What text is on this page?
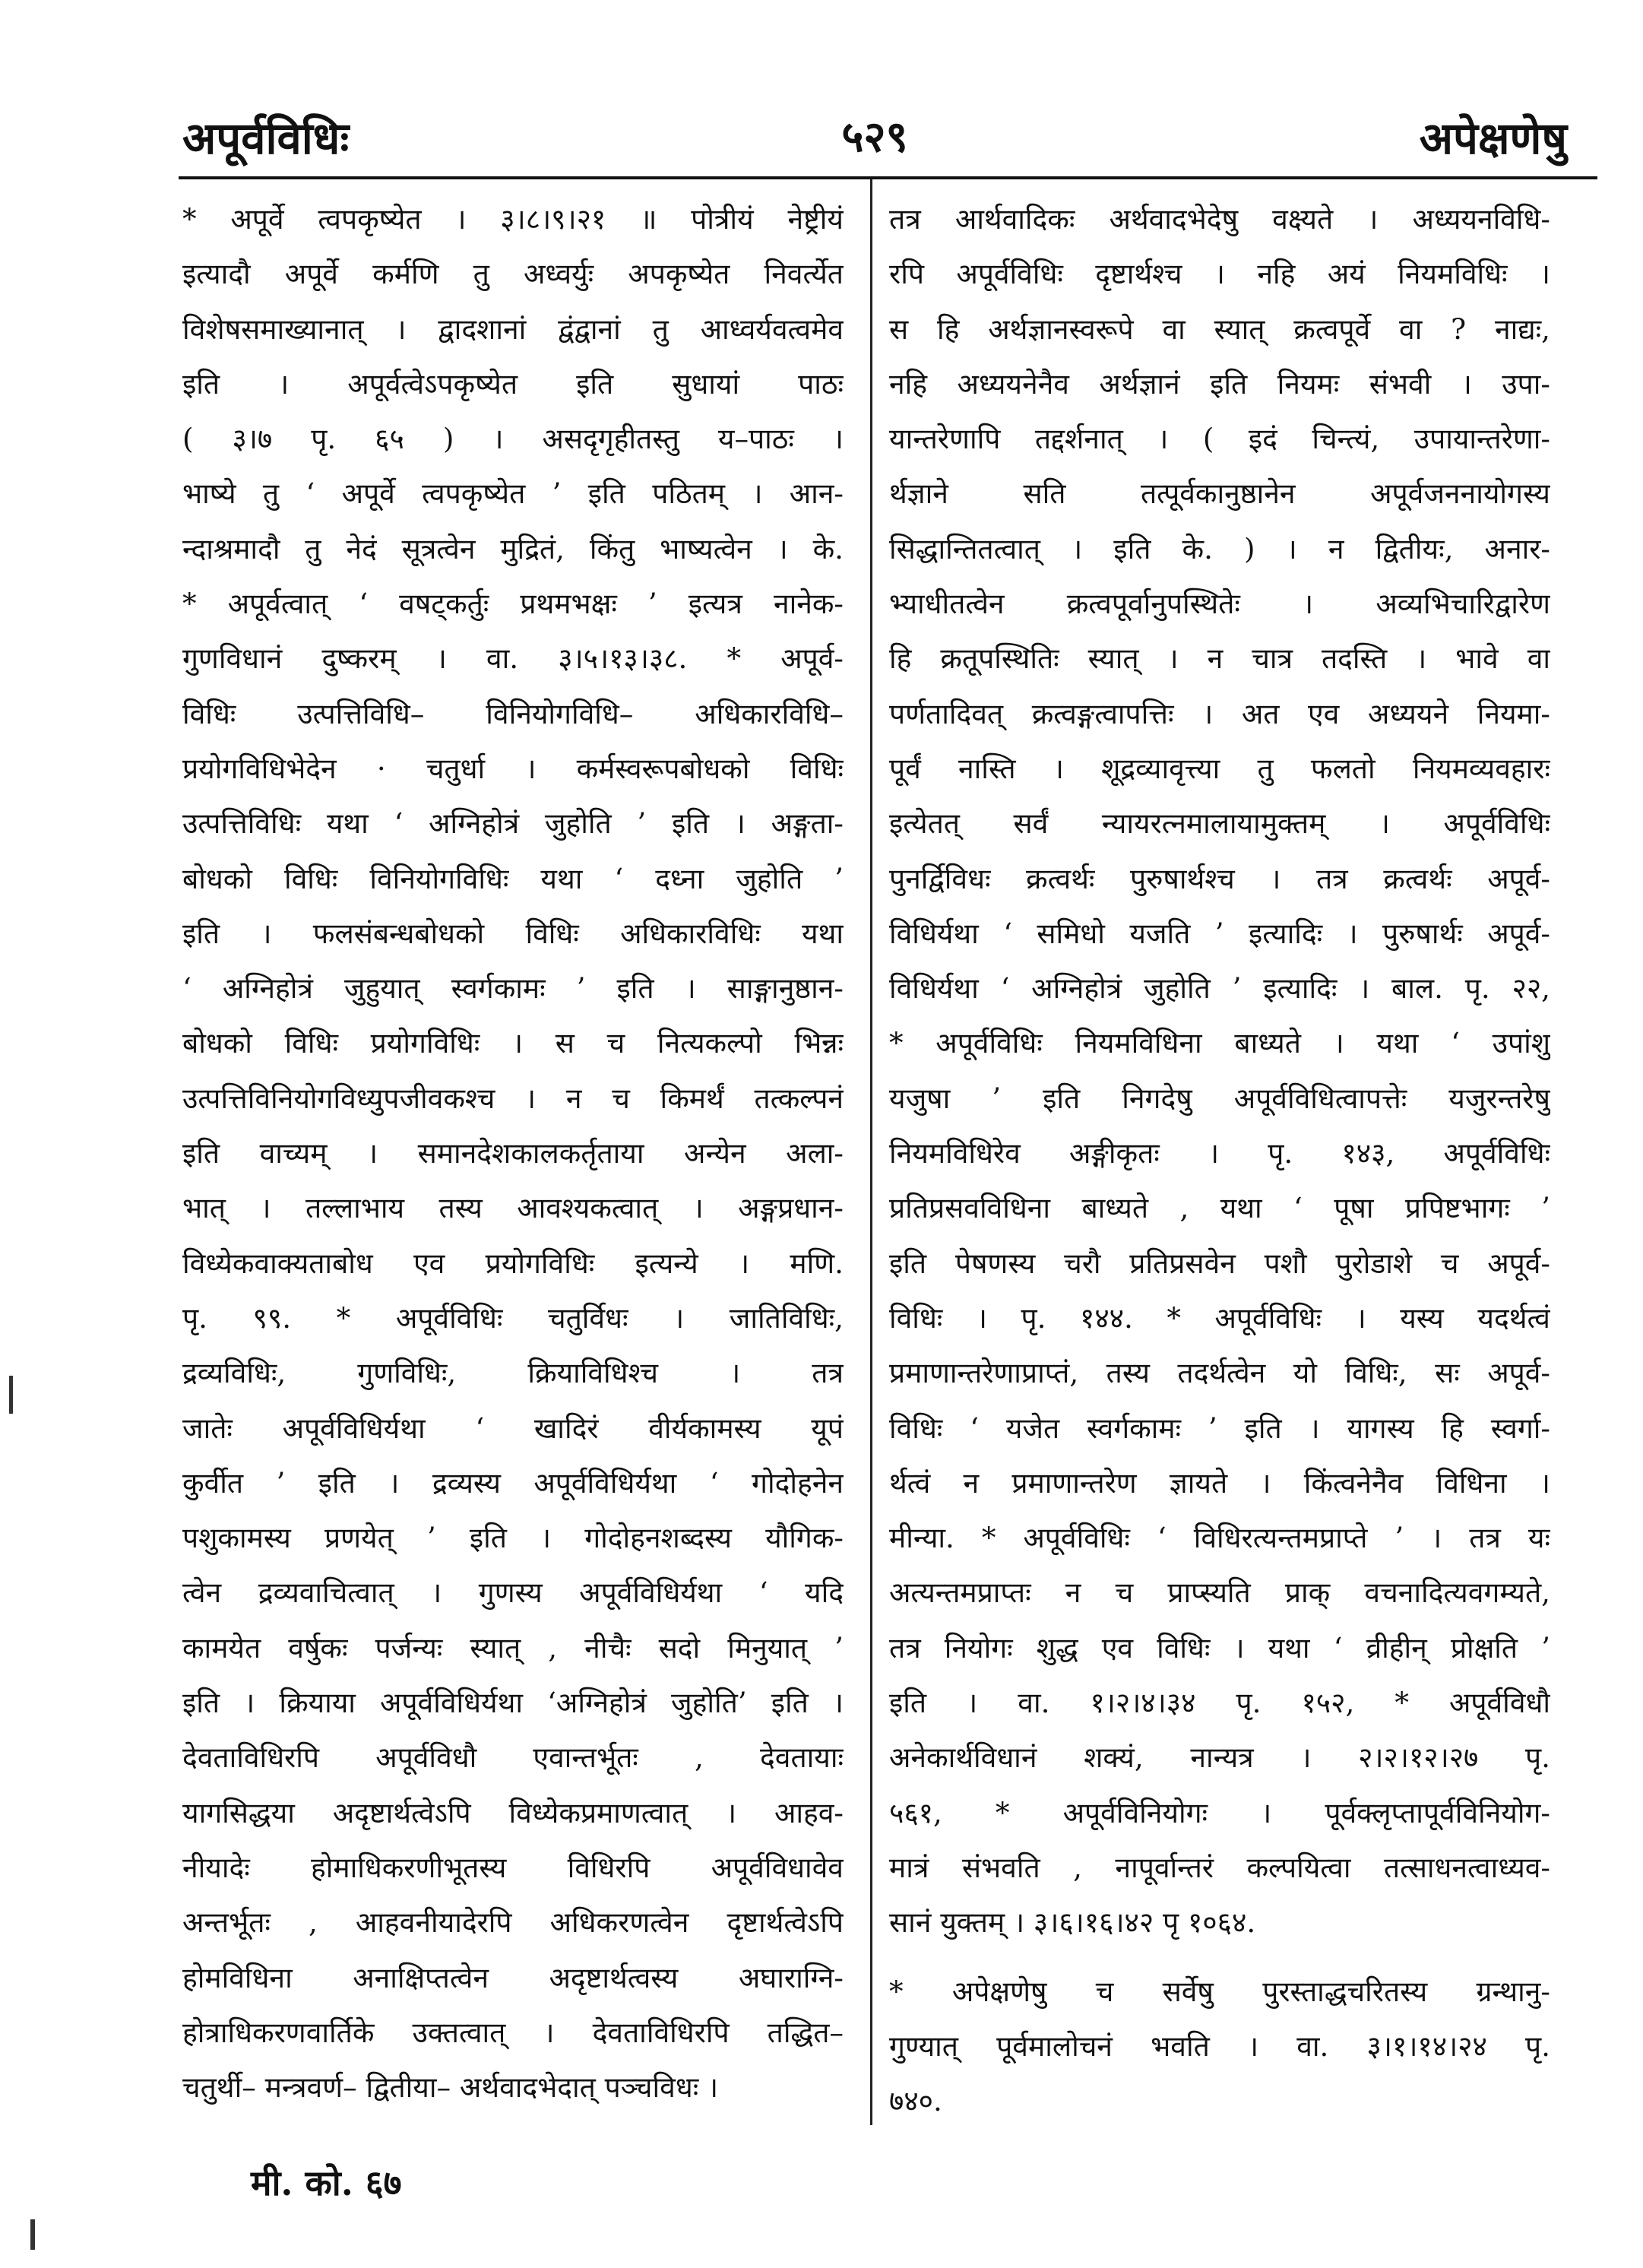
अपूर्वविधिः	५२९	अपेक्षणेषु
* अपूर्वे त्वपकृष्येत । ३।८।९।२१ ॥ पोत्रीयं नेष्ट्रीयं
इत्यादौ अपूर्वे कर्मणि तु अध्वर्युः अपकृष्येत निवर्त्येत
विशेषसमाख्यानात् । द्वादशानां द्वंद्वानां तु आध्वर्यवत्वमेव
इति । अपूर्वत्वेऽपकृष्येत इति सुधायां पाठः
( ३।७ पृ. ६५ ) । असदृगृहीतस्तु य–पाठः ।
भाष्ये तु ‘ अपूर्वे त्वपकृष्येत ’ इति पठितम् । आन-
न्दाश्रमादौ तु नेदं सूत्रत्वेन मुद्रितं, किंतु भाष्यत्वेन । के.
* अपूर्वत्वात् ‘ वषट्कर्तुः प्रथमभक्षः ’ इत्यत्र नानेक-
गुणविधानं दुष्करम् । वा. ३।५।१३।३८. * अपूर्व-
विधिः उत्पत्तिविधि– विनियोगविधि– अधिकारविधि–
प्रयोगविधिभेदेन · चतुर्धा । कर्मस्वरूपबोधको विधिः
उत्पत्तिविधिः यथा ‘ अग्निहोत्रं जुहोति ’ इति । अङ्गता-
बोधको विधिः विनियोगविधिः यथा ‘ दध्ना जुहोति ’
इति । फलसंबन्धबोधको विधिः अधिकारविधिः यथा
‘ अग्निहोत्रं जुहुयात् स्वर्गकामः ’ इति । साङ्गानुष्ठान-
बोधको विधिः प्रयोगविधिः । स च नित्यकल्पो भिन्नः
उत्पत्तिविनियोगविध्युपजीवकश्च । न च किमर्थं तत्कल्पनं
इति वाच्यम् । समानदेशकालकर्तृताया अन्येन अला-
भात् । तल्लाभाय तस्य आवश्यकत्वात् । अङ्गप्रधान-
विध्येकवाक्यताबोध एव प्रयोगविधिः इत्यन्ये । मणि.
पृ. ९९. * अपूर्वविधिः चतुर्विधः । जातिविधिः,
द्रव्यविधिः, गुणविधिः, क्रियाविधिश्च । तत्र
जातेः अपूर्वविधिर्यथा ‘ खादिरं वीर्यकामस्य यूपं
कुर्वीत ’ इति । द्रव्यस्य अपूर्वविधिर्यथा ‘ गोदोहनेन
पशुकामस्य प्रणयेत् ’ इति । गोदोहनशब्दस्य यौगिक-
त्वेन द्रव्यवाचित्वात् । गुणस्य अपूर्वविधिर्यथा ‘ यदि
कामयेत वर्षुकः पर्जन्यः स्यात् , नीचैः सदो मिनुयात् ’
इति । क्रियाया अपूर्वविधिर्यथा ‘अग्निहोत्रं जुहोति’ इति ।
देवताविधिरपि अपूर्वविधौ एवान्तर्भूतः , देवतायाः
यागसिद्धया अदृष्टार्थत्वेऽपि विध्येकप्रमाणत्वात् । आहव-
नीयादेः होमाधिकरणीभूतस्य विधिरपि अपूर्वविधावेव
अन्तर्भूतः , आहवनीयादेरपि अधिकरणत्वेन दृष्टार्थत्वेऽपि
होमविधिना अनाक्षिप्तत्वेन अदृष्टार्थत्वस्य अघाराग्नि-
होत्राधिकरणवार्तिके उक्तत्वात् । देवताविधिरपि तद्धित–
चतुर्थी– मन्त्रवर्ण– द्वितीया– अर्थवादभेदात् पञ्चविधः ।
तत्र आर्थवादिकः अर्थवादभेदेषु वक्ष्यते । अध्ययनविधि-
रपि अपूर्वविधिः दृष्टार्थश्च । नहि अयं नियमविधिः ।
स हि अर्थज्ञानस्वरूपे वा स्यात् क्रत्वपूर्वे वा ? नाद्यः,
नहि अध्ययनेनैव अर्थज्ञानं इति नियमः संभवी । उपा-
यान्तरेणापि तद्दर्शनात् । ( इदं चिन्त्यं, उपायान्तरेणा-
र्थज्ञाने सति तत्पूर्वकानुष्ठानेन अपूर्वजननायोगस्य
सिद्धान्तितत्वात् । इति के. ) । न द्वितीयः, अनार-
भ्याधीतत्वेन क्रत्वपूर्वानुपस्थितेः । अव्यभिचारिद्वारेण
हि क्रतूपस्थितिः स्यात् । न चात्र तदस्ति । भावे वा
पर्णतादिवत् क्रत्वङ्गत्वापत्तिः । अत एव अध्ययने नियमा-
पूर्वं नास्ति । शूद्रव्यावृत्त्या तु फलतो नियमव्यवहारः
इत्येतत् सर्वं न्यायरत्नमालायामुक्तम् । अपूर्वविधिः
पुनर्द्विविधः क्रत्वर्थः पुरुषार्थश्च । तत्र क्रत्वर्थः अपूर्व-
विधिर्यथा ‘ समिधो यजति ’ इत्यादिः । पुरुषार्थः अपूर्व-
विधिर्यथा ‘ अग्निहोत्रं जुहोति ’ इत्यादिः । बाल. पृ. २२,
* अपूर्वविधिः नियमविधिना बाध्यते । यथा ‘ उपांशु
यजुषा ’ इति निगदेषु अपूर्वविधित्वापत्तेः यजुरन्तरेषु
नियमविधिरेव अङ्गीकृतः । पृ. १४३, अपूर्वविधिः
प्रतिप्रसवविधिना बाध्यते , यथा ‘ पूषा प्रपिष्टभागः ’
इति पेषणस्य चरौ प्रतिप्रसवेन पशौ पुरोडाशे च अपूर्व-
विधिः । पृ. १४४. * अपूर्वविधिः । यस्य यदर्थत्वं
प्रमाणान्तरेणाप्राप्तं, तस्य तदर्थत्वेन यो विधिः, सः अपूर्व-
विधिः ‘ यजेत स्वर्गकामः ’ इति । यागस्य हि स्वर्गा-
र्थत्वं न प्रमाणान्तरेण ज्ञायते । किंत्वनेनैव विधिना ।
मीन्या. * अपूर्वविधिः ‘ विधिरत्यन्तमप्राप्ते ’ । तत्र यः
अत्यन्तमप्राप्तः न च प्राप्स्यति प्राक् वचनादित्यवगम्यते,
तत्र नियोगः शुद्ध एव विधिः । यथा ‘ व्रीहीन् प्रोक्षति ’
इति । वा. १।२।४।३४ पृ. १५२, * अपूर्वविधौ
अनेकार्थविधानं शक्यं, नान्यत्र । २।२।१२।२७ पृ.
५६१, * अपूर्वविनियोगः । पूर्वक्लृप्तापूर्वविनियोग-
मात्रं संभवति , नापूर्वान्तरं कल्पयित्वा तत्साधनत्वाध्यव-
सानं युक्तम् । ३।६।१६।४२ पृ १०६४.
* अपेक्षणेषु च सर्वेषु पुरस्ताद्धचरितस्य ग्रन्थानु-
गुण्यात् पूर्वमालोचनं भवति । वा. ३।१।१४।२४ पृ.
७४०.
मी. को. ६७
